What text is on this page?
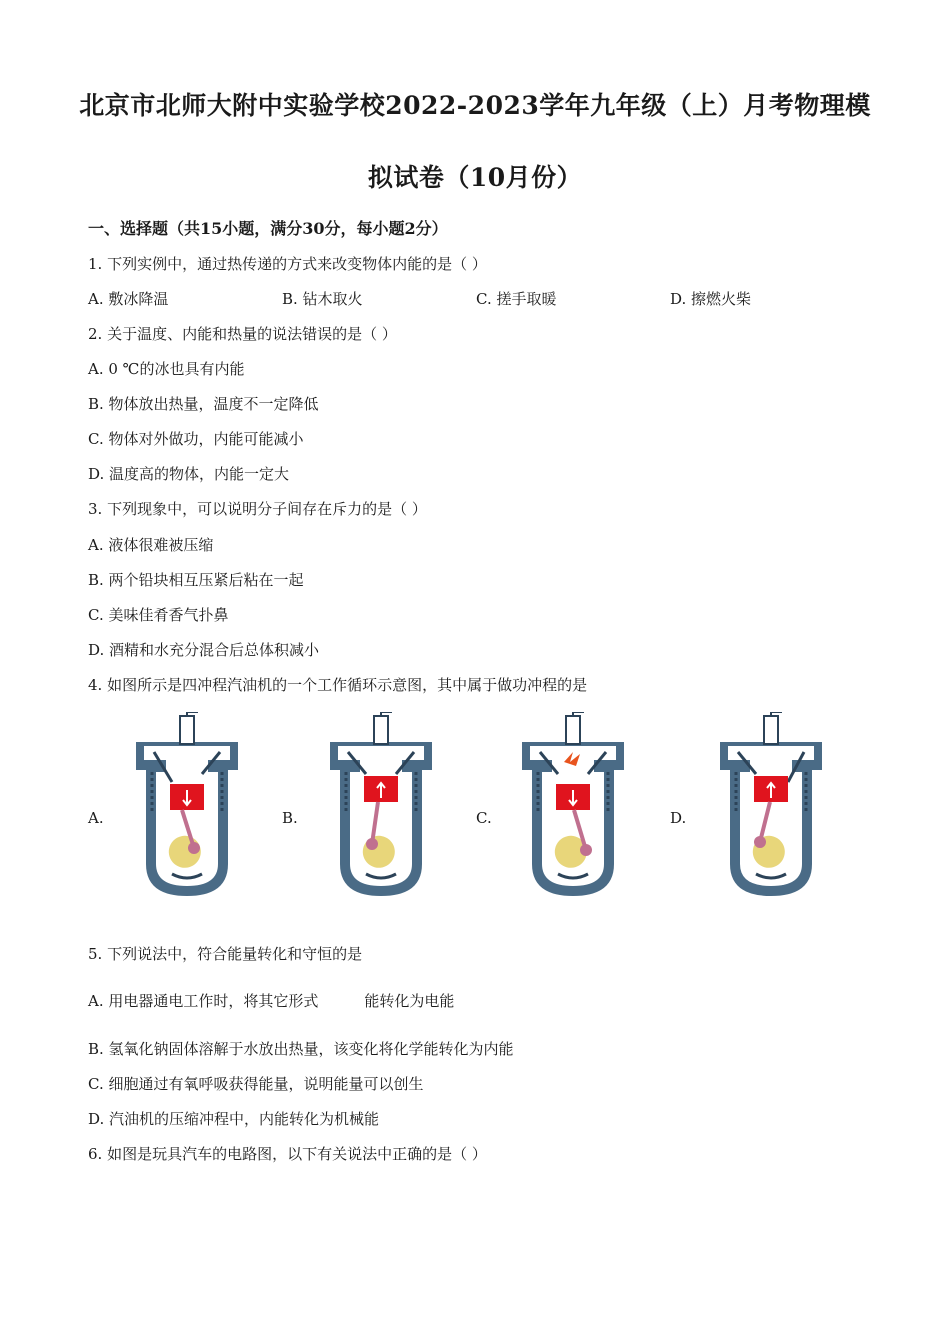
北京市北师大附中实验学校2022-2023学年九年级（上）月考物理模
拟试卷（10月份）
一、选择题（共15小题，满分30分，每小题2分）
1. 下列实例中，通过热传递的方式来改变物体内能的是（ ）
A. 敷冰降温	B. 钻木取火	C. 搓手取暖	D. 擦燃火柴
2. 关于温度、内能和热量的说法错误的是（ ）
A. 0 ℃的冰也具有内能
B. 物体放出热量，温度不一定降低
C. 物体对外做功，内能可能减小
D. 温度高的物体，内能一定大
3. 下列现象中，可以说明分子间存在斥力的是（ ）
A. 液体很难被压缩
B. 两个铅块相互压紧后粘在一起
C. 美味佳肴香气扑鼻
D. 酒精和水充分混合后总体积减小
4. 如图所示是四冲程汽油机的一个工作循环示意图，其中属于做功冲程的是
A.	B.	C.	D.
5. 下列说法中，符合能量转化和守恒的是
A. 用电器通电工作时，将其它形式	能转化为电能
B. 氢氧化钠固体溶解于水放出热量，该变化将化学能转化为内能
C. 细胞通过有氧呼吸获得能量，说明能量可以创生
D. 汽油机的压缩冲程中，内能转化为机械能
6. 如图是玩具汽车的电路图，以下有关说法中正确的是（ ）
